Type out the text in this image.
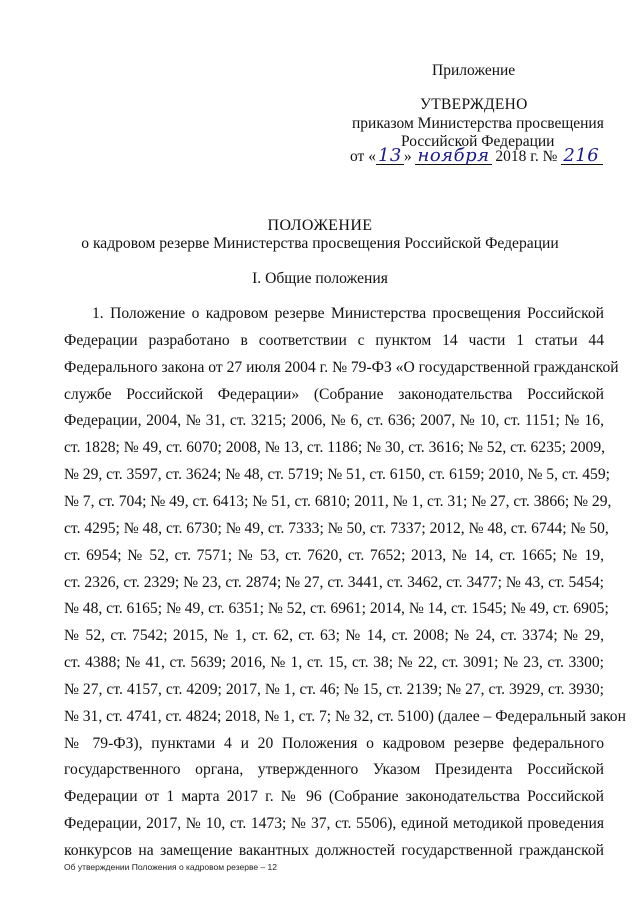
Приложение
УТВЕРЖДЕНО
приказом Министерства просвещения
Российской Федерации
от « 13 » ноября 2018 г. № 216
ПОЛОЖЕНИЕ
о кадровом резерве Министерства просвещения Российской Федерации
I. Общие положения
1. Положение о кадровом резерве Министерства просвещения Российской
Федерации разработано в соответствии с пунктом 14 части 1 статьи 44
Федерального закона от 27 июля 2004 г. № 79-ФЗ «О государственной гражданской
службе Российской Федерации» (Собрание законодательства Российской
Федерации, 2004, № 31, ст. 3215; 2006, № 6, ст. 636; 2007, № 10, ст. 1151; № 16,
ст. 1828; № 49, ст. 6070; 2008, № 13, ст. 1186; № 30, ст. 3616; № 52, ст. 6235; 2009,
№ 29, ст. 3597, ст. 3624; № 48, ст. 5719; № 51, ст. 6150, ст. 6159; 2010, № 5, ст. 459;
№ 7, ст. 704; № 49, ст. 6413; № 51, ст. 6810; 2011, № 1, ст. 31; № 27, ст. 3866; № 29,
ст. 4295; № 48, ст. 6730; № 49, ст. 7333; № 50, ст. 7337; 2012, № 48, ст. 6744; № 50,
ст. 6954; № 52, ст. 7571; № 53, ст. 7620, ст. 7652; 2013, № 14, ст. 1665; № 19,
ст. 2326, ст. 2329; № 23, ст. 2874; № 27, ст. 3441, ст. 3462, ст. 3477; № 43, ст. 5454;
№ 48, ст. 6165; № 49, ст. 6351; № 52, ст. 6961; 2014, № 14, ст. 1545; № 49, ст. 6905;
№ 52, ст. 7542; 2015, № 1, ст. 62, ст. 63; № 14, ст. 2008; № 24, ст. 3374; № 29,
ст. 4388; № 41, ст. 5639; 2016, № 1, ст. 15, ст. 38; № 22, ст. 3091; № 23, ст. 3300;
№ 27, ст. 4157, ст. 4209; 2017, № 1, ст. 46; № 15, ст. 2139; № 27, ст. 3929, ст. 3930;
№ 31, ст. 4741, ст. 4824; 2018, № 1, ст. 7; № 32, ст. 5100) (далее – Федеральный закон
№ 79-ФЗ), пунктами 4 и 20 Положения о кадровом резерве федерального
государственного органа, утвержденного Указом Президента Российской
Федерации от 1 марта 2017 г. № 96 (Собрание законодательства Российской
Федерации, 2017, № 10, ст. 1473; № 37, ст. 5506), единой методикой проведения
конкурсов на замещение вакантных должностей государственной гражданской
Об утверждении Положения о кадровом резерве – 12
